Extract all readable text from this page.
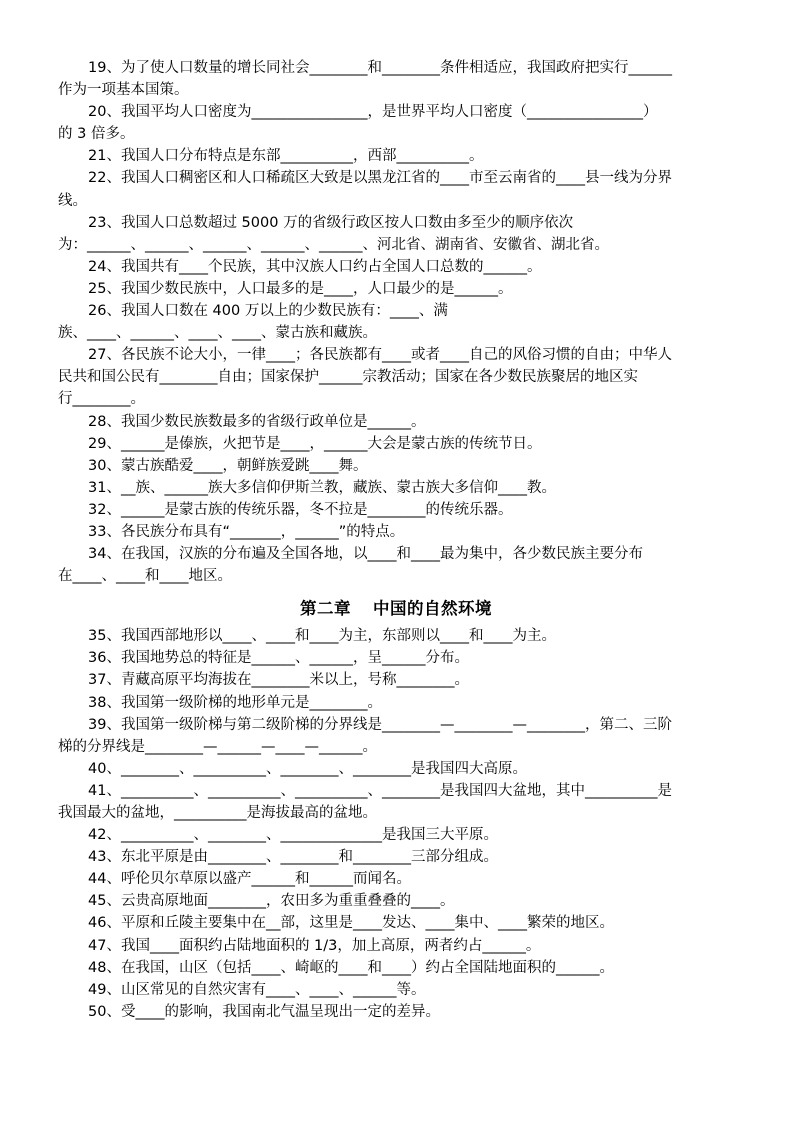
19、为了使人口数量的增长同社会________和________条件相适应，我国政府把实行______
作为一项基本国策。
20、我国平均人口密度为________________，是世界平均人口密度（________________）
的 3 倍多。
21、我国人口分布特点是东部__________，西部__________。
22、我国人口稠密区和人口稀疏区大致是以黑龙江省的____市至云南省的____县一线为分界
线。
23、我国人口总数超过 5000 万的省级行政区按人口数由多至少的顺序依次
为：______、______、______、______、______、河北省、湖南省、安徽省、湖北省。
24、我国共有____个民族，其中汉族人口约占全国人口总数的______。
25、我国少数民族中，人口最多的是____，人口最少的是______。
26、我国人口数在 400 万以上的少数民族有：____、满
族、____、______、____、____、蒙古族和藏族。
27、各民族不论大小，一律____；各民族都有____或者____自己的风俗习惯的自由；中华人
民共和国公民有________自由；国家保护______宗教活动；国家在各少数民族聚居的地区实
行________。
28、我国少数民族数最多的省级行政单位是______。
29、______是傣族，火把节是____，______大会是蒙古族的传统节日。
30、蒙古族酷爱____，朝鲜族爱跳____舞。
31、__族、______族大多信仰伊斯兰教，藏族、蒙古族大多信仰____教。
32、______是蒙古族的传统乐器，冬不拉是________的传统乐器。
33、各民族分布具有“_______，______”的特点。
34、在我国，汉族的分布遍及全国各地，以____和____最为集中，各少数民族主要分布
在____、____和____地区。
第二章 中国的自然环境
35、我国西部地形以____、____和____为主，东部则以____和____为主。
36、我国地势总的特征是______、______，呈______分布。
37、青藏高原平均海拔在________米以上，号称________。
38、我国第一级阶梯的地形单元是________。
39、我国第一级阶梯与第二级阶梯的分界线是________—________—________，第二、三阶
梯的分界线是________—______—____—______。
40、________、__________、________、________是我国四大高原。
41、__________、__________、__________、________是我国四大盆地，其中__________是
我国最大的盆地，__________是海拔最高的盆地。
42、__________、________、______________是我国三大平原。
43、东北平原是由________、________和________三部分组成。
44、呼伦贝尔草原以盛产______和______而闻名。
45、云贵高原地面________，农田多为重重叠叠的____。
46、平原和丘陵主要集中在__部，这里是____发达、____集中、____繁荣的地区。
47、我国____面积约占陆地面积的 1/3，加上高原，两者约占______。
48、在我国，山区（包括____、崎岖的____和____）约占全国陆地面积的______。
49、山区常见的自然灾害有____、____、______等。
50、受____的影响，我国南北气温呈现出一定的差异。
